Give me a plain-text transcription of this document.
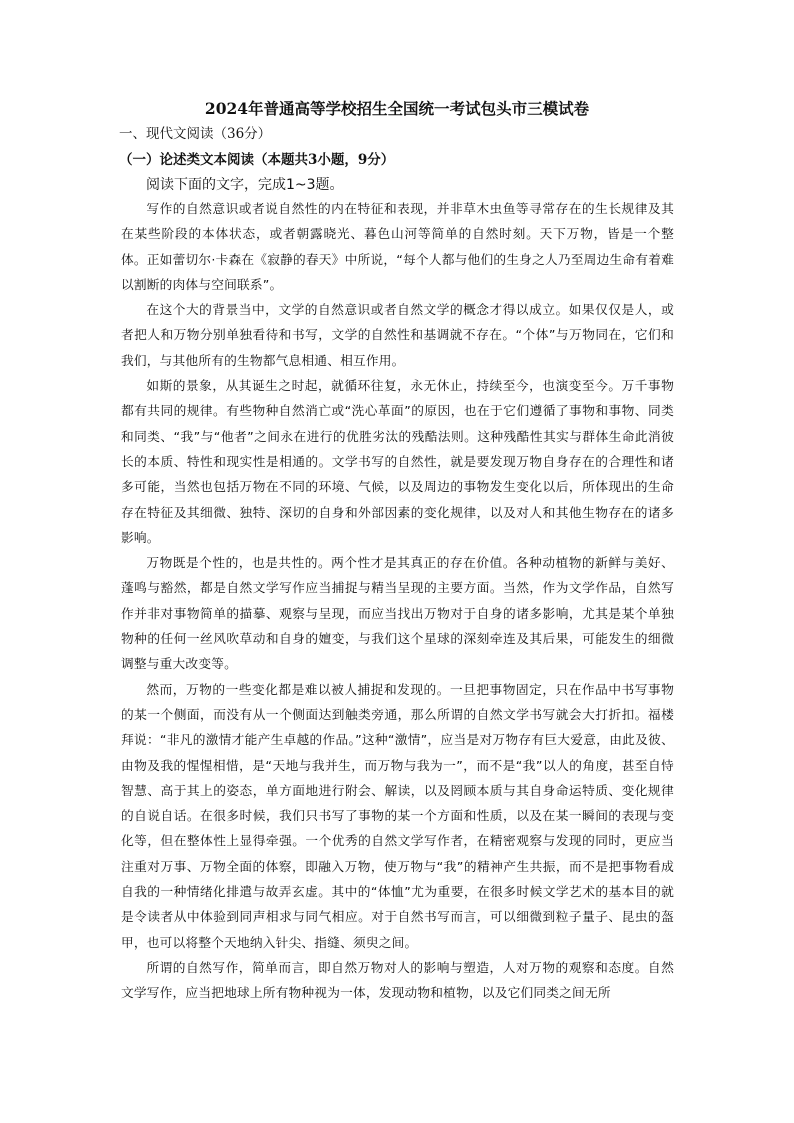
2024年普通高等学校招生全国统一考试包头市三模试卷
一、现代文阅读（36分）
（一）论述类文本阅读（本题共3小题，9分）
阅读下面的文字，完成1~3题。

写作的自然意识或者说自然性的内在特征和表现，并非草木虫鱼等寻常存在的生长规律及其在某些阶段的本体状态，或者朝露晓光、暮色山河等简单的自然时刻。天下万物，皆是一个整体。正如蕾切尔·卡森在《寂静的春天》中所说，“每个人都与他们的生身之人乃至周边生命有着难以割断的肉体与空间联系”。

在这个大的背景当中，文学的自然意识或者自然文学的概念才得以成立。如果仅仅是人，或者把人和万物分别单独看待和书写，文学的自然性和基调就不存在。“个体”与万物同在，它们和我们，与其他所有的生物都气息相通、相互作用。

如斯的景象，从其诞生之时起，就循环往复，永无休止，持续至今，也演变至今。万千事物都有共同的规律。有些物种自然消亡或“洗心革面”的原因，也在于它们遵循了事物和事物、同类和同类、“我”与“他者”之间永在进行的优胜劣汰的残酷法则。这种残酷性其实与群体生命此消彼长的本质、特性和现实性是相通的。文学书写的自然性，就是要发现万物自身存在的合理性和诸多可能，当然也包括万物在不同的环境、气候，以及周边的事物发生变化以后，所体现出的生命存在特征及其细微、独特、深切的自身和外部因素的变化规律，以及对人和其他生物存在的诸多影响。

万物既是个性的，也是共性的。两个性才是其真正的存在价值。各种动植物的新鲜与美好、蓬鸣与豁然，都是自然文学写作应当捕捉与精当呈现的主要方面。当然，作为文学作品，自然写作并非对事物简单的描摹、观察与呈现，而应当找出万物对于自身的诸多影响，尤其是某个单独物种的任何一丝风吹草动和自身的嬗变，与我们这个星球的深刻牵连及其后果，可能发生的细微调整与重大改变等。

然而，万物的一些变化都是难以被人捕捉和发现的。一旦把事物固定，只在作品中书写事物的某一个侧面，而没有从一个侧面达到触类旁通，那么所谓的自然文学书写就会大打折扣。福楼拜说：“非凡的激情才能产生卓越的作品。”这种“激情”，应当是对万物存有巨大爱意，由此及彼、由物及我的惺惺相惜，是“天地与我并生，而万物与我为一”，而不是“我”以人的角度，甚至自恃智慧、高于其上的姿态，单方面地进行附会、解读，以及罔顾本质与其自身命运特质、变化规律的自说自话。在很多时候，我们只书写了事物的某一个方面和性质，以及在某一瞬间的表现与变化等，但在整体性上显得牵强。一个优秀的自然文学写作者，在精密观察与发现的同时，更应当注重对万事、万物全面的体察，即融入万物，使万物与“我”的精神产生共振，而不是把事物看成自我的一种情绪化排遣与故弄玄虚。其中的“体恤”尤为重要，在很多时候文学艺术的基本目的就是令读者从中体验到同声相求与同气相应。对于自然书写而言，可以细微到粒子量子、昆虫的盔甲，也可以将整个天地纳入针尖、指缝、须臾之间。

所谓的自然写作，简单而言，即自然万物对人的影响与塑造，人对万物的观察和态度。自然文学写作，应当把地球上所有物种视为一体，发现动物和植物，以及它们同类之间无所
